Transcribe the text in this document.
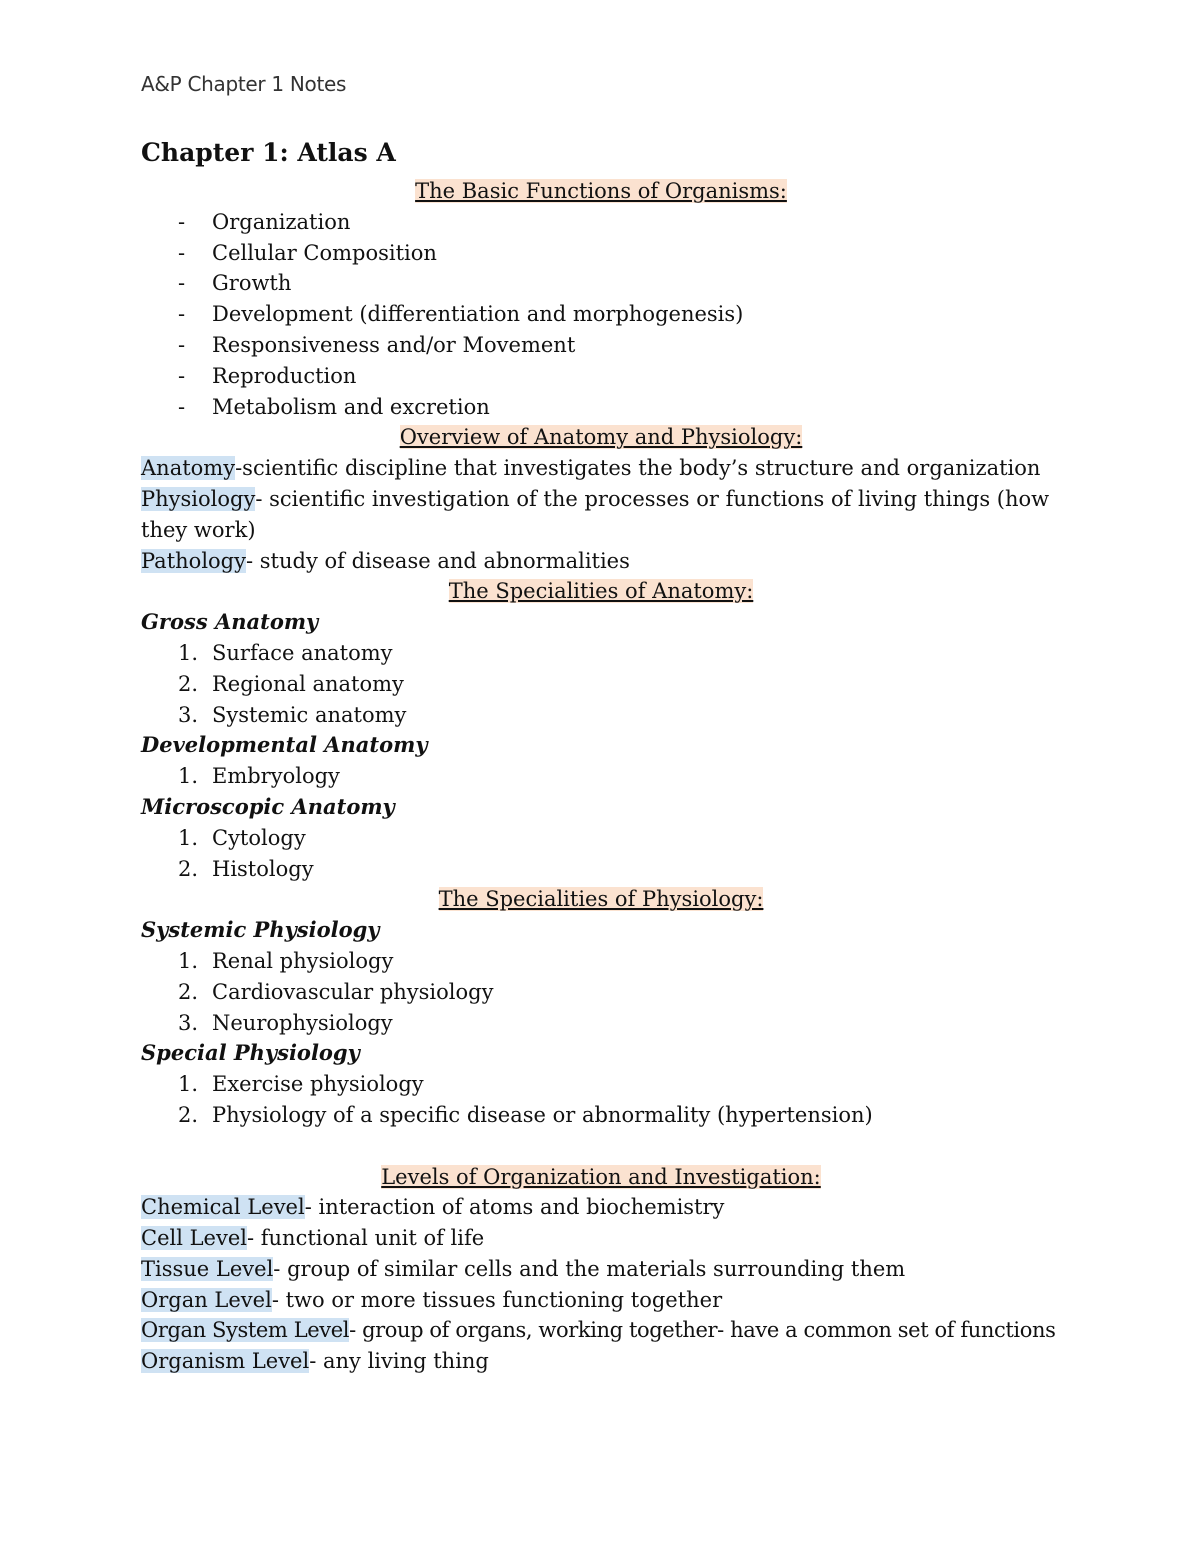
A&P Chapter 1 Notes
Chapter 1: Atlas A
The Basic Functions of Organisms:
-	Organization
-	Cellular Composition
-	Growth
-	Development (differentiation and morphogenesis)
-	Responsiveness and/or Movement
-	Reproduction
-	Metabolism and excretion
Overview of Anatomy and Physiology:
Anatomy-scientific discipline that investigates the body’s structure and organization
Physiology- scientific investigation of the processes or functions of living things (how they work)
Pathology- study of disease and abnormalities
The Specialities of Anatomy:
Gross Anatomy
1. Surface anatomy
2. Regional anatomy
3. Systemic anatomy
Developmental Anatomy
1. Embryology
Microscopic Anatomy
1. Cytology
2. Histology
The Specialities of Physiology:
Systemic Physiology
1. Renal physiology
2. Cardiovascular physiology
3. Neurophysiology
Special Physiology
1. Exercise physiology
2. Physiology of a specific disease or abnormality (hypertension)
Levels of Organization and Investigation:
Chemical Level- interaction of atoms and biochemistry
Cell Level- functional unit of life
Tissue Level- group of similar cells and the materials surrounding them
Organ Level- two or more tissues functioning together
Organ System Level- group of organs, working together- have a common set of functions
Organism Level- any living thing
